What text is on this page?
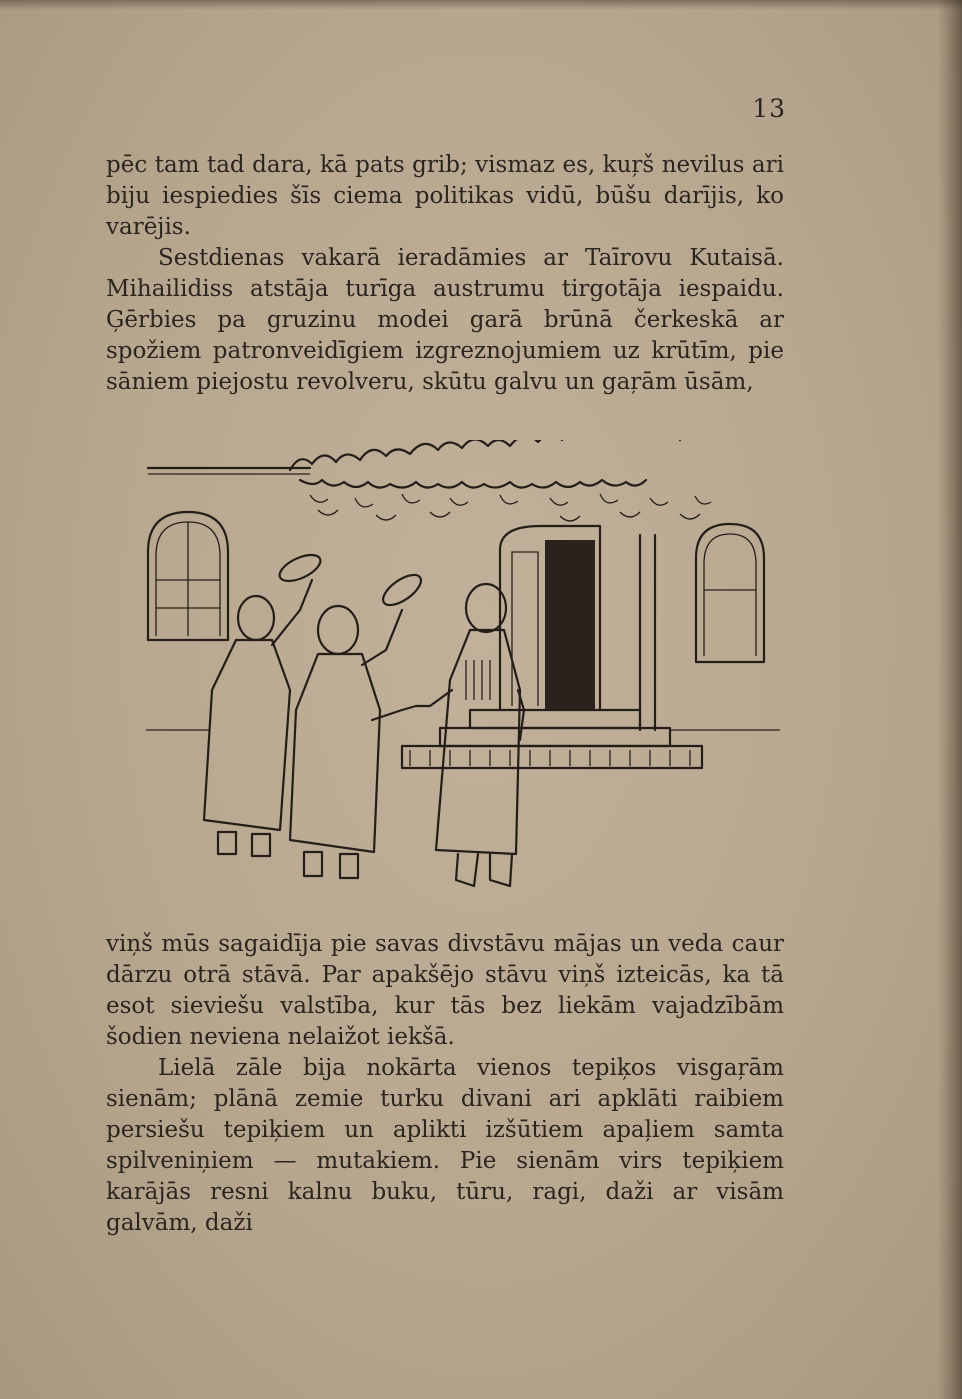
13

pēc tam tad dara, kā pats grib; vismaz es, kuŗš nevilus ari biju iespiedies šīs ciema politikas vidū, būšu darījis, ko varējis.

Sestdienas vakarā ieradāmies ar Taīrovu Kutaisā. Mihailidiss atstāja turīga austrumu tirgotāja iespaidu. Ģērbies pa gruzinu modei garā brūnā čerkeskā ar spožiem patronveidīgiem izgreznojumiem uz krūtīm, pie sāniem piejostu revolveru, skūtu galvu un gaŗām ūsām,

viņš mūs sagaidīja pie savas divstāvu mājas un veda caur dārzu otrā stāvā. Par apakšējo stāvu viņš izteicās, ka tā esot sieviešu valstība, kur tās bez liekām vajadzībām šodien neviena nelaižot iekšā.

Lielā zāle bija nokārta vienos tepiķos visgaŗām sienām; plānā zemie turku divani ari apklāti raibiem persiešu tepiķiem un aplikti izšūtiem apaļiem samta spilveniņiem — mutakiem. Pie sienām virs tepiķiem karājās resni kalnu buku, tūru, ragi, daži ar visām galvām, daži
